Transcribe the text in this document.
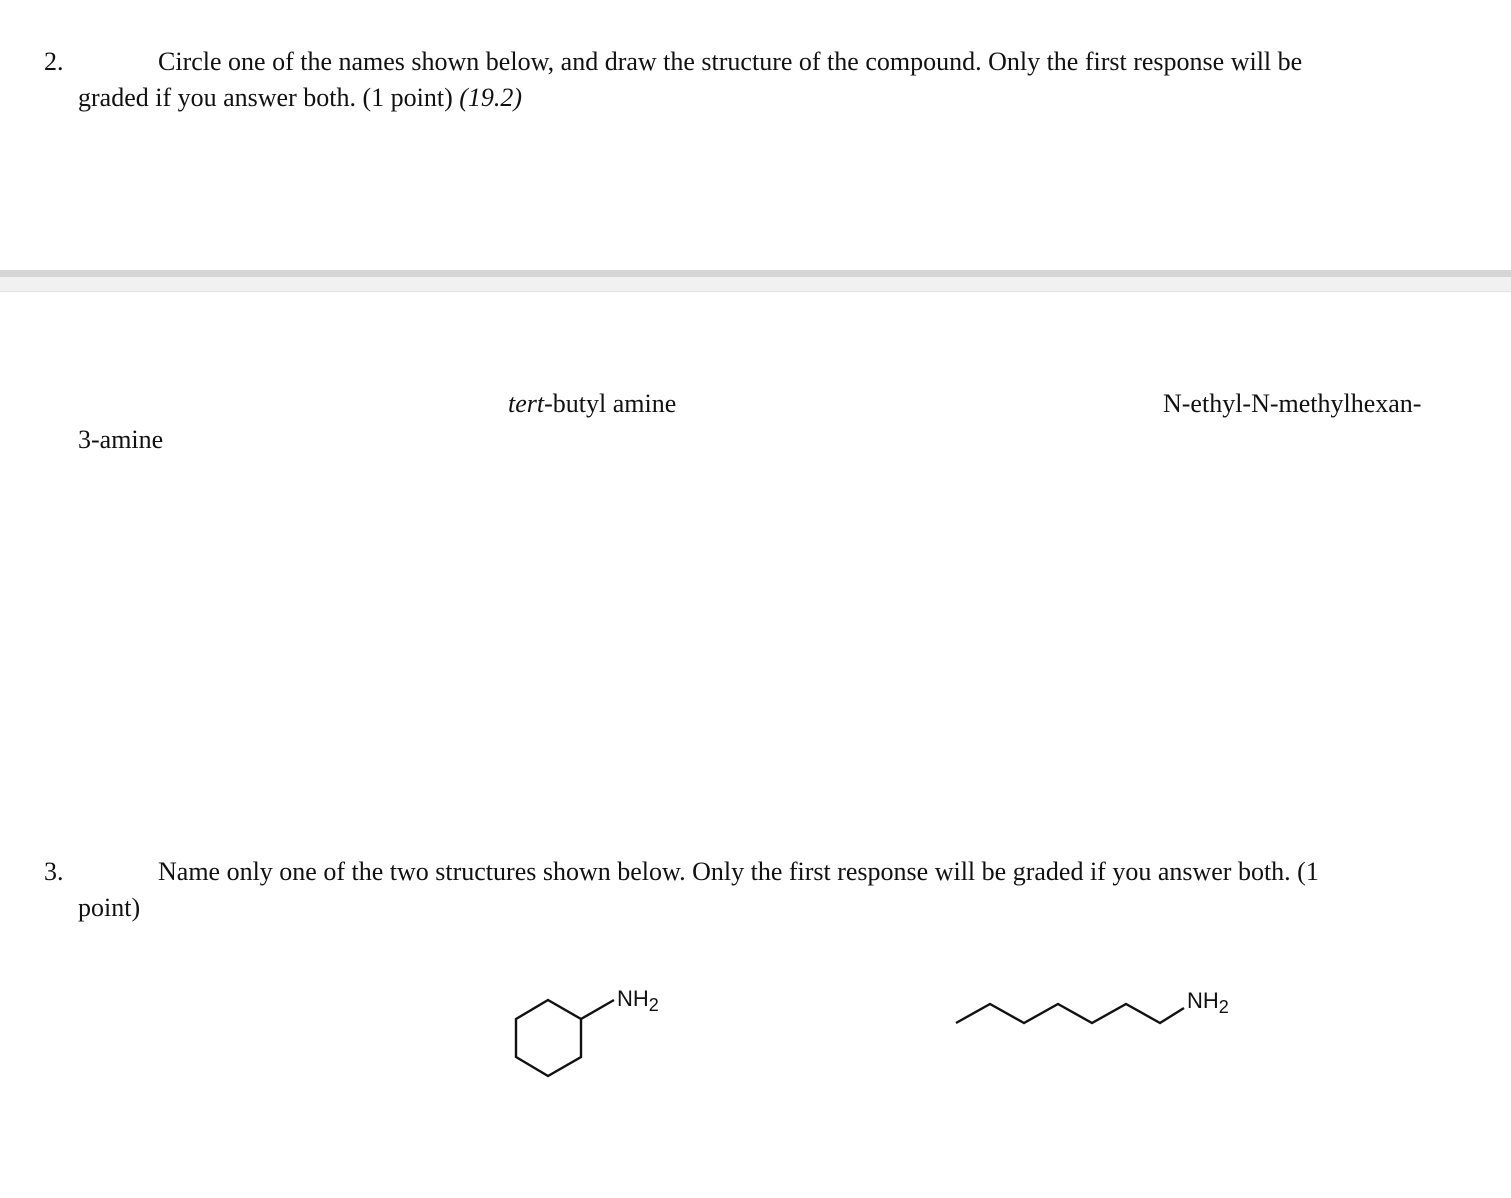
2.	Circle one of the names shown below, and draw the structure of the compound. Only the first response will be
graded if you answer both. (1 point) (19.2)
tert-butyl amine	N-ethyl-N-methylhexan-
3-amine
3.	Name only one of the two structures shown below. Only the first response will be graded if you answer both. (1
point)
$NH_2$	$NH_2$
